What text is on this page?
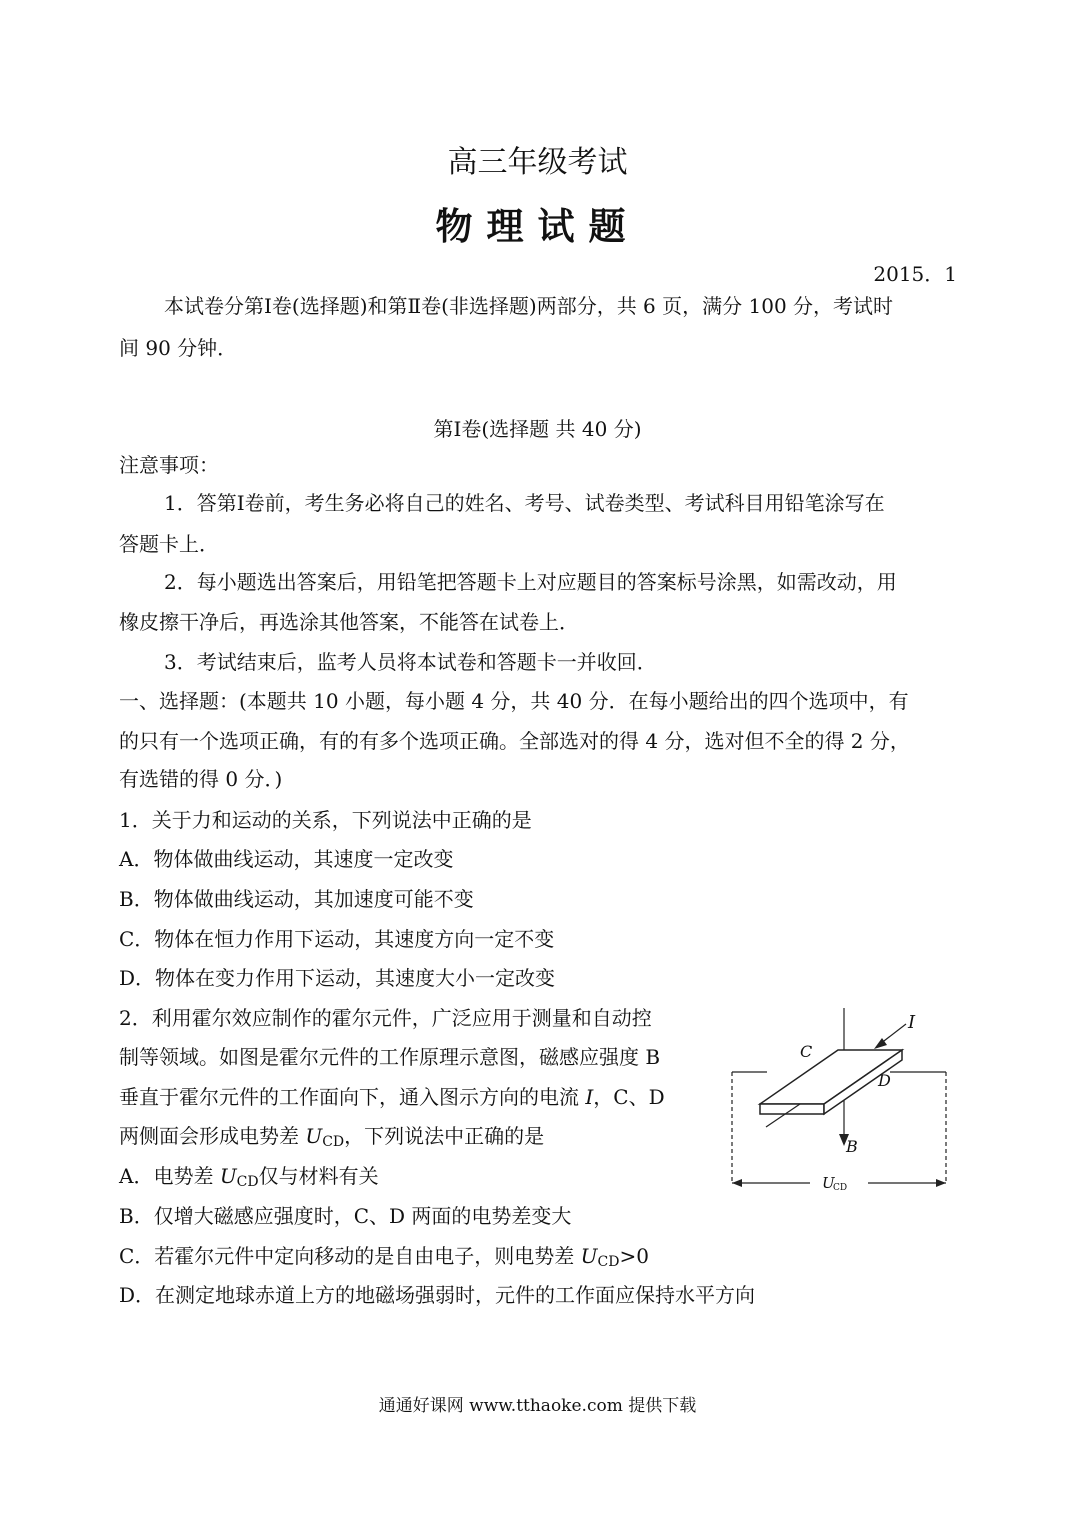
高三年级考试
物理试题
2015．1
本试卷分第Ⅰ卷(选择题)和第Ⅱ卷(非选择题)两部分，共 6 页，满分 100 分，考试时
间 90 分钟．
第Ⅰ卷(选择题 共 40 分)
注意事项：
1．答第Ⅰ卷前，考生务必将自己的姓名、考号、试卷类型、考试科目用铅笔涂写在
答题卡上．
2．每小题选出答案后，用铅笔把答题卡上对应题目的答案标号涂黑，如需改动，用
橡皮擦干净后，再选涂其他答案，不能答在试卷上．
3．考试结束后，监考人员将本试卷和答题卡一并收回．
一、选择题：(本题共 10 小题，每小题 4 分，共 40 分．在每小题给出的四个选项中，有
的只有一个选项正确，有的有多个选项正确。全部选对的得 4 分，选对但不全的得 2 分，
有选错的得 0 分．)
1．关于力和运动的关系，下列说法中正确的是
A．物体做曲线运动，其速度一定改变
B．物体做曲线运动，其加速度可能不变
C．物体在恒力作用下运动，其速度方向一定不变
D．物体在变力作用下运动，其速度大小一定改变
2．利用霍尔效应制作的霍尔元件，广泛应用于测量和自动控
制等领域。如图是霍尔元件的工作原理示意图，磁感应强度 B
垂直于霍尔元件的工作面向下，通入图示方向的电流 I，C、D
两侧面会形成电势差 $U_{CD}$，下列说法中正确的是
A．电势差 $U_{CD}$仅与材料有关
B．仅增大磁感应强度时，C、D 两面的电势差变大
C．若霍尔元件中定向移动的是自由电子，则电势差 $U_{CD}>0$
D．在测定地球赤道上方的地磁场强弱时，元件的工作面应保持水平方向
I
C
D
B
U
CD
通通好课网 www.tthaoke.com 提供下载
